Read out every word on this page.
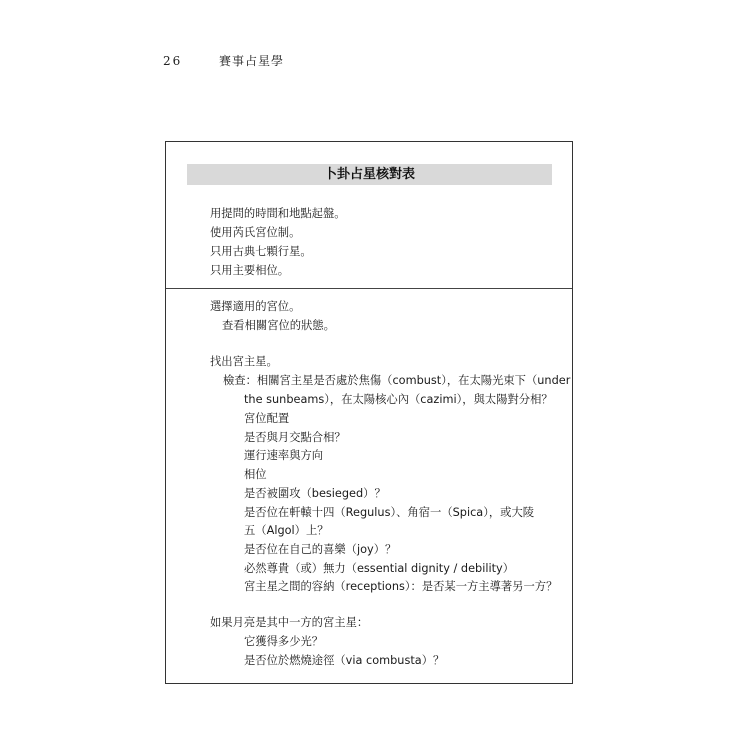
26	賽事占星學
卜卦占星核對表
用提問的時間和地點起盤。
使用芮氏宮位制。
只用古典七顆行星。
只用主要相位。
選擇適用的宮位。
查看相關宮位的狀態。
找出宮主星。
檢查：相關宮主星是否處於焦傷（combust），在太陽光束下（under
the sunbeams），在太陽核心內（cazimi），與太陽對分相？
宮位配置
是否與月交點合相？
運行速率與方向
相位
是否被圍攻（besieged）？
是否位在軒轅十四（Regulus）、角宿一（Spica），或大陵
五（Algol）上？
是否位在自己的喜樂（joy）？
必然尊貴（或）無力（essential dignity / debility）
宮主星之間的容納（receptions）：是否某一方主導著另一方？
如果月亮是其中一方的宮主星：
它獲得多少光？
是否位於燃燒途徑（via combusta）？
